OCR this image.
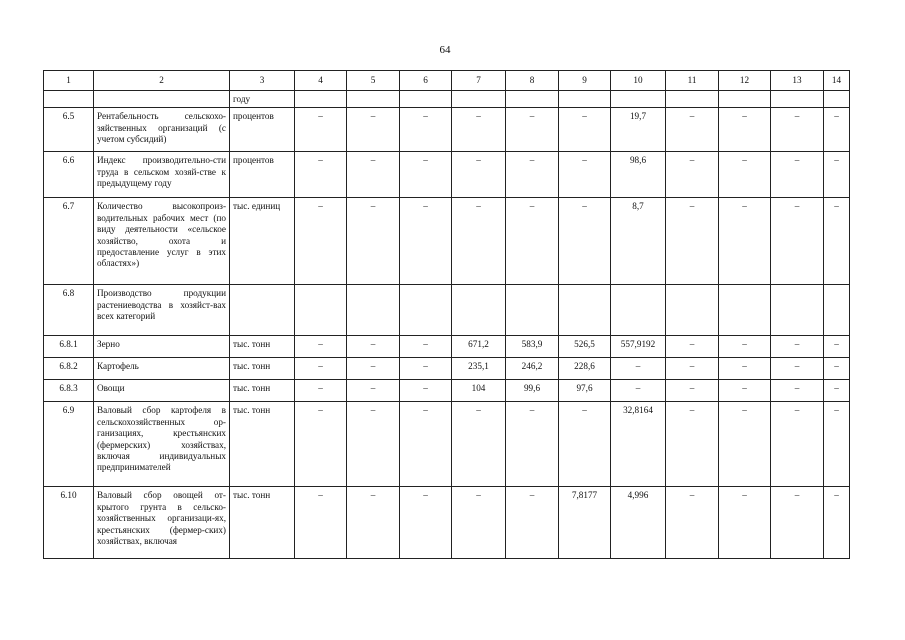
64
1	2	3	4	5	6	7	8	9	10	11	12	13	14
		году											
6.5	Рентабельность сельскохо-зяйственных организаций (с учетом субсидий)	процентов	–	–	–	–	–	–	19,7	–	–	–	–
6.6	Индекс производительно-сти труда в сельском хозяй-стве к предыдущему году	процентов	–	–	–	–	–	–	98,6	–	–	–	–
6.7	Количество высокопроиз-водительных рабочих мест (по виду деятельности «сельское хозяйство, охота и предоставление услуг в этих областях»)	тыс. единиц	–	–	–	–	–	–	8,7	–	–	–	–
6.8	Производство продукции растениеводства в хозяйст-вах всех категорий												
6.8.1	Зерно	тыс. тонн	–	–	–	671,2	583,9	526,5	557,9192	–	–	–	–
6.8.2	Картофель	тыс. тонн	–	–	–	235,1	246,2	228,6	–	–	–	–	–
6.8.3	Овощи	тыс. тонн	–	–	–	104	99,6	97,6	–	–	–	–	–
6.9	Валовый сбор картофеля в сельскохозяйственных ор-ганизациях, крестьянских (фермерских) хозяйствах, включая индивидуальных предпринимателей	тыс. тонн	–	–	–	–	–	–	32,8164	–	–	–	–
6.10	Валовый сбор овощей от-крытого грунта в сельско-хозяйственных организаци-ях, крестьянских (фермер-ских) хозяйствах, включая	тыс. тонн	–	–	–	–	–	7,8177	4,996	–	–	–	–
